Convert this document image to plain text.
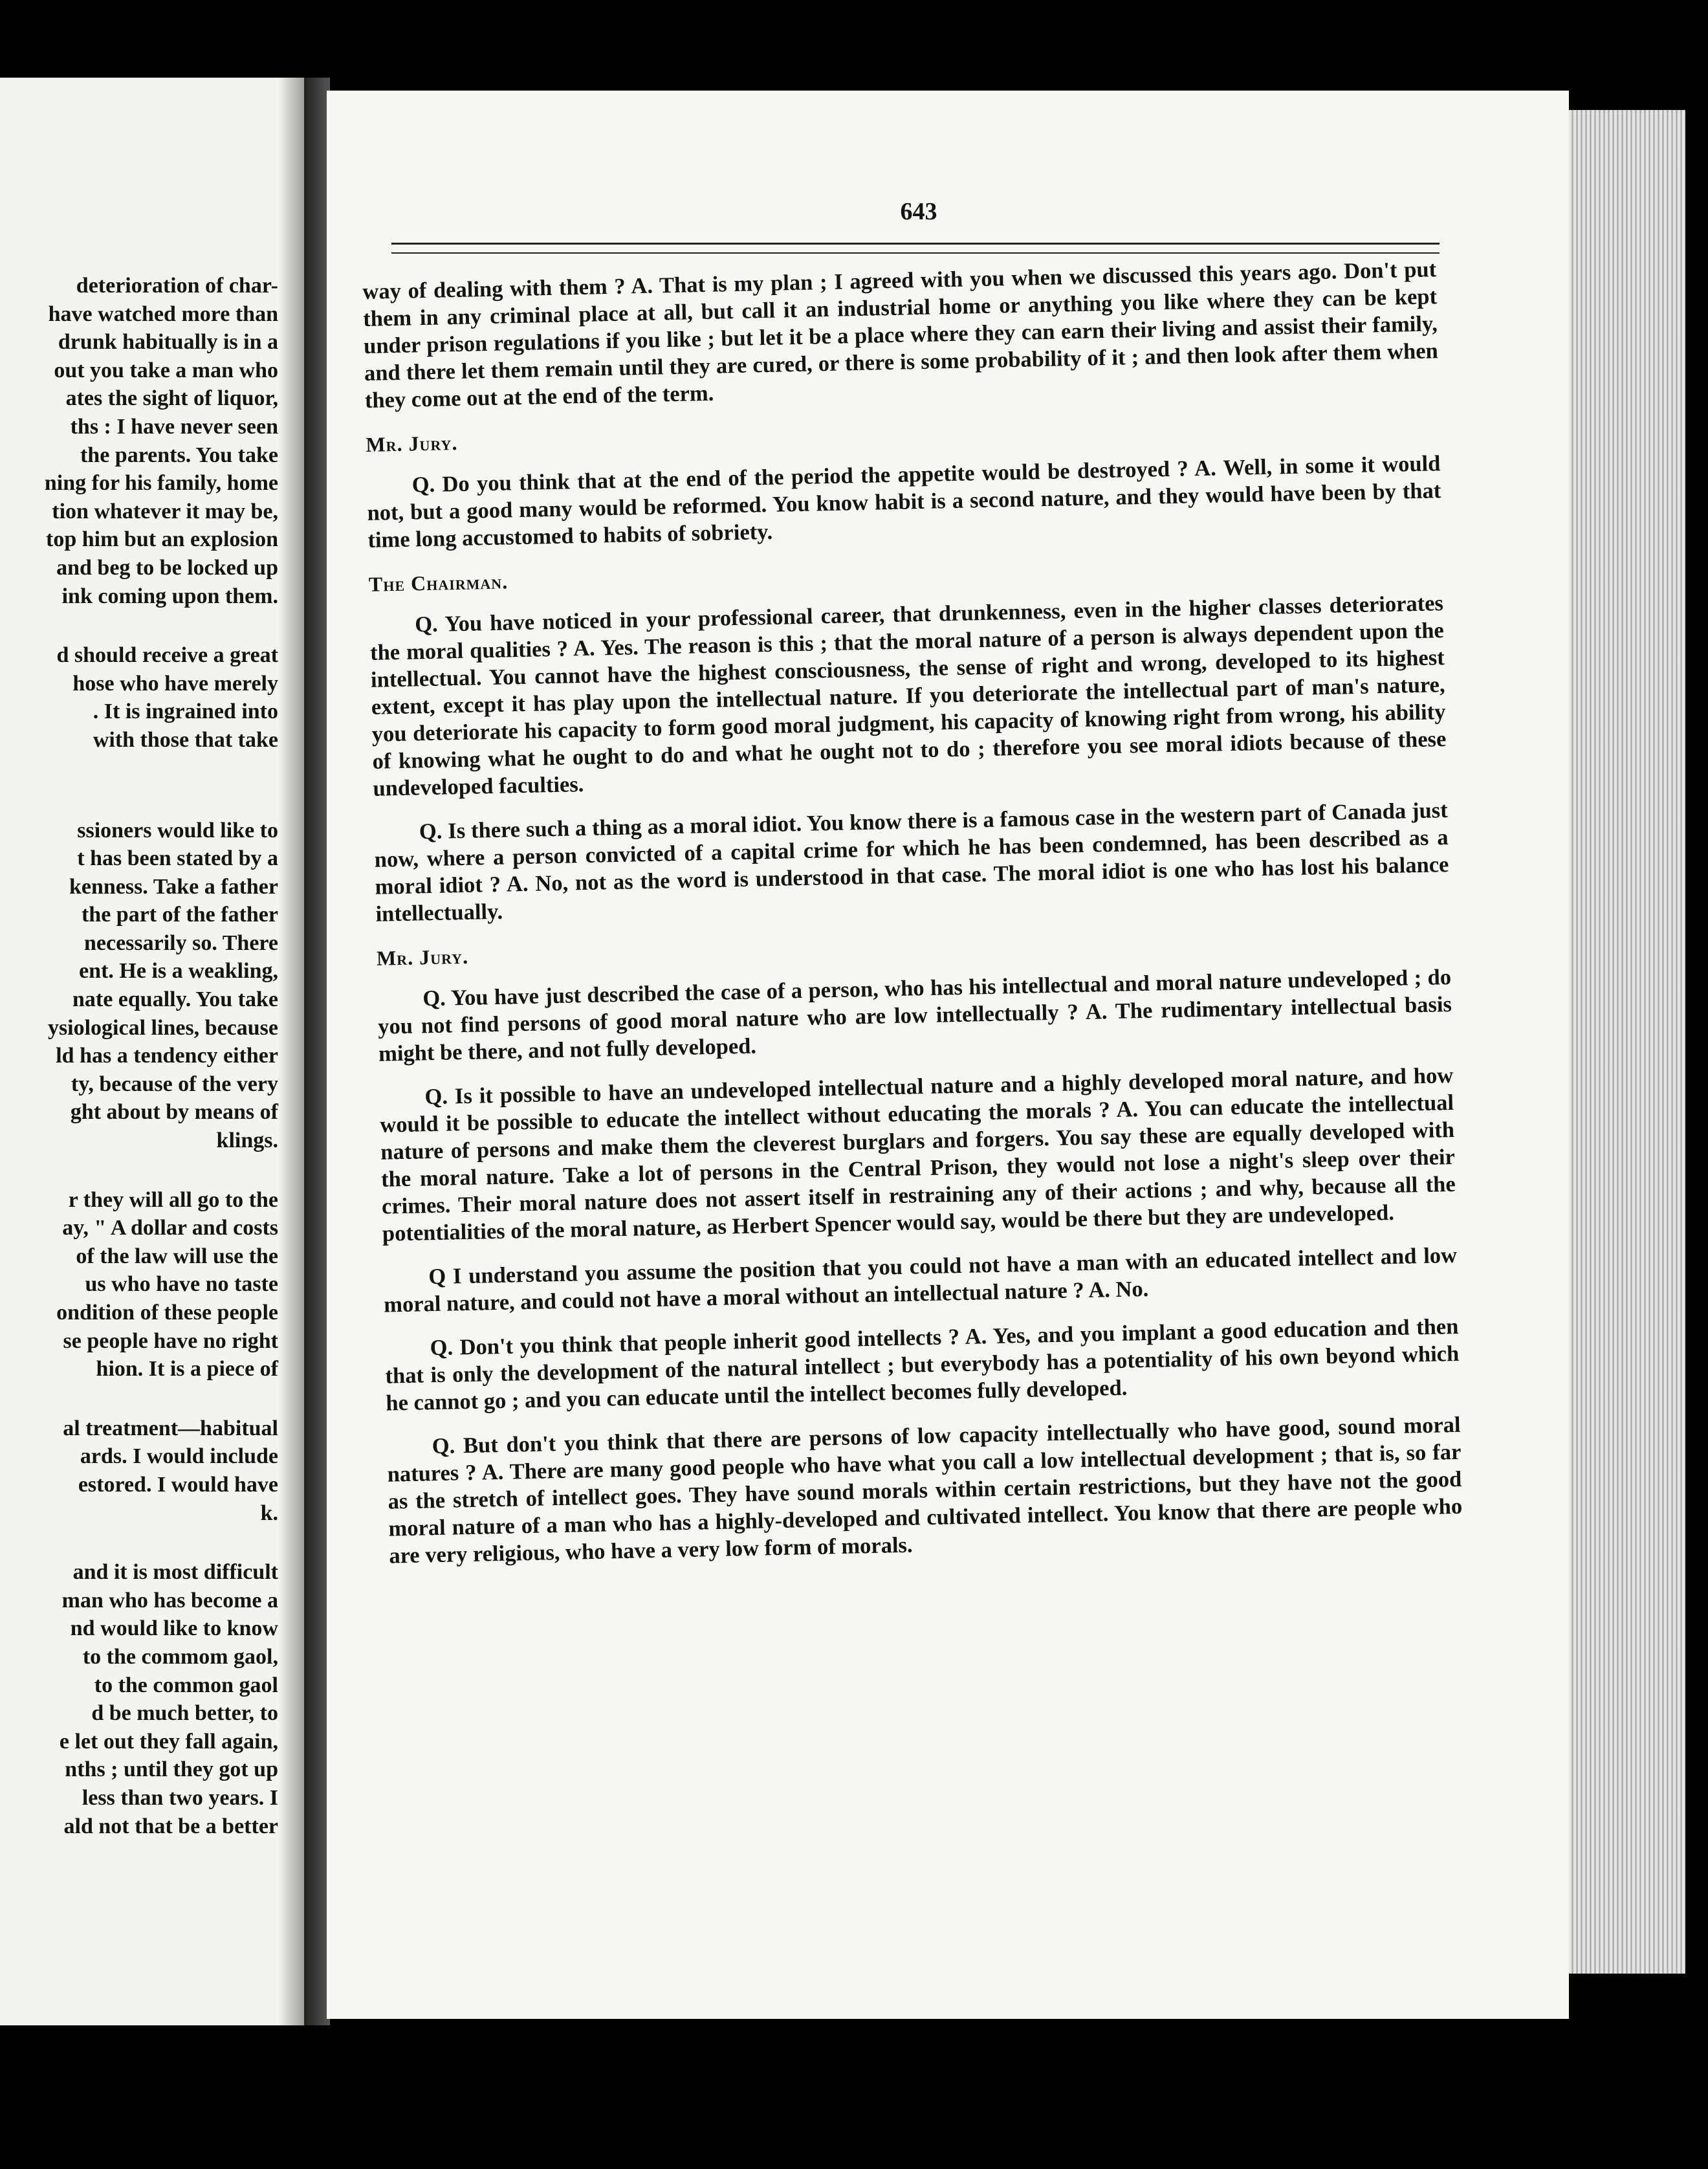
deterioration of char-
have watched more than
drunk habitually is in a
out you take a man who
ates the sight of liquor,
ths : I have never seen
the parents. You take
ning for his family, home
tion whatever it may be,
top him but an explosion
and beg to be locked up
ink coming upon them.
d should receive a great
hose who have merely
. It is ingrained into
with those that take
ssioners would like to
t has been stated by a
kenness. Take a father
the part of the father
necessarily so. There
ent. He is a weakling,
nate equally. You take
ysiological lines, because
ld has a tendency either
ty, because of the very
ght about by means of
klings.
r they will all go to the
ay, " A dollar and costs
of the law will use the
us who have no taste
ondition of these people
se people have no right
hion. It is a piece of
al treatment—habitual
ards. I would include
estored. I would have
k.
and it is most difficult
man who has become a
nd would like to know
to the commom gaol,
to the common gaol
d be much better, to
e let out they fall again,
nths ; until they got up
less than two years. I
ald not that be a better
643

way of dealing with them ? A. That is my plan ; I agreed with you when we discussed this years ago. Don't put them in any criminal place at all, but call it an industrial home or anything you like where they can be kept under prison regulations if you like ; but let it be a place where they can earn their living and assist their family, and there let them remain until they are cured, or there is some probability of it ; and then look after them when they come out at the end of the term.

Mr. Jury.

Q. Do you think that at the end of the period the appetite would be destroyed ? A. Well, in some it would not, but a good many would be reformed. You know habit is a second nature, and they would have been by that time long accustomed to habits of sobriety.

The Chairman.

Q. You have noticed in your professional career, that drunkenness, even in the higher classes deteriorates the moral qualities ? A. Yes. The reason is this ; that the moral nature of a person is always dependent upon the intellectual. You cannot have the highest consciousness, the sense of right and wrong, developed to its highest extent, except it has play upon the intellectual nature. If you deteriorate the intellectual part of man's nature, you deteriorate his capacity to form good moral judgment, his capacity of knowing right from wrong, his ability of knowing what he ought to do and what he ought not to do ; therefore you see moral idiots because of these undeveloped faculties.

Q. Is there such a thing as a moral idiot. You know there is a famous case in the western part of Canada just now, where a person convicted of a capital crime for which he has been condemned, has been described as a moral idiot ? A. No, not as the word is understood in that case. The moral idiot is one who has lost his balance intellectually.

Mr. Jury.

Q. You have just described the case of a person, who has his intellectual and moral nature undeveloped ; do you not find persons of good moral nature who are low intellectually ? A. The rudimentary intellectual basis might be there, and not fully developed.

Q. Is it possible to have an undeveloped intellectual nature and a highly developed moral nature, and how would it be possible to educate the intellect without educating the morals ? A. You can educate the intellectual nature of persons and make them the cleverest burglars and forgers. You say these are equally developed with the moral nature. Take a lot of persons in the Central Prison, they would not lose a night's sleep over their crimes. Their moral nature does not assert itself in restraining any of their actions ; and why, because all the potentialities of the moral nature, as Herbert Spencer would say, would be there but they are undeveloped.

Q I understand you assume the position that you could not have a man with an educated intellect and low moral nature, and could not have a moral without an intellectual nature ? A. No.

Q. Don't you think that people inherit good intellects ? A. Yes, and you implant a good education and then that is only the development of the natural intellect ; but everybody has a potentiality of his own beyond which he cannot go ; and you can educate until the intellect becomes fully developed.

Q. But don't you think that there are persons of low capacity intellectually who have good, sound moral natures ? A. There are many good people who have what you call a low intellectual development ; that is, so far as the stretch of intellect goes. They have sound morals within certain restrictions, but they have not the good moral nature of a man who has a highly-developed and cultivated intellect. You know that there are people who are very religious, who have a very low form of morals.
